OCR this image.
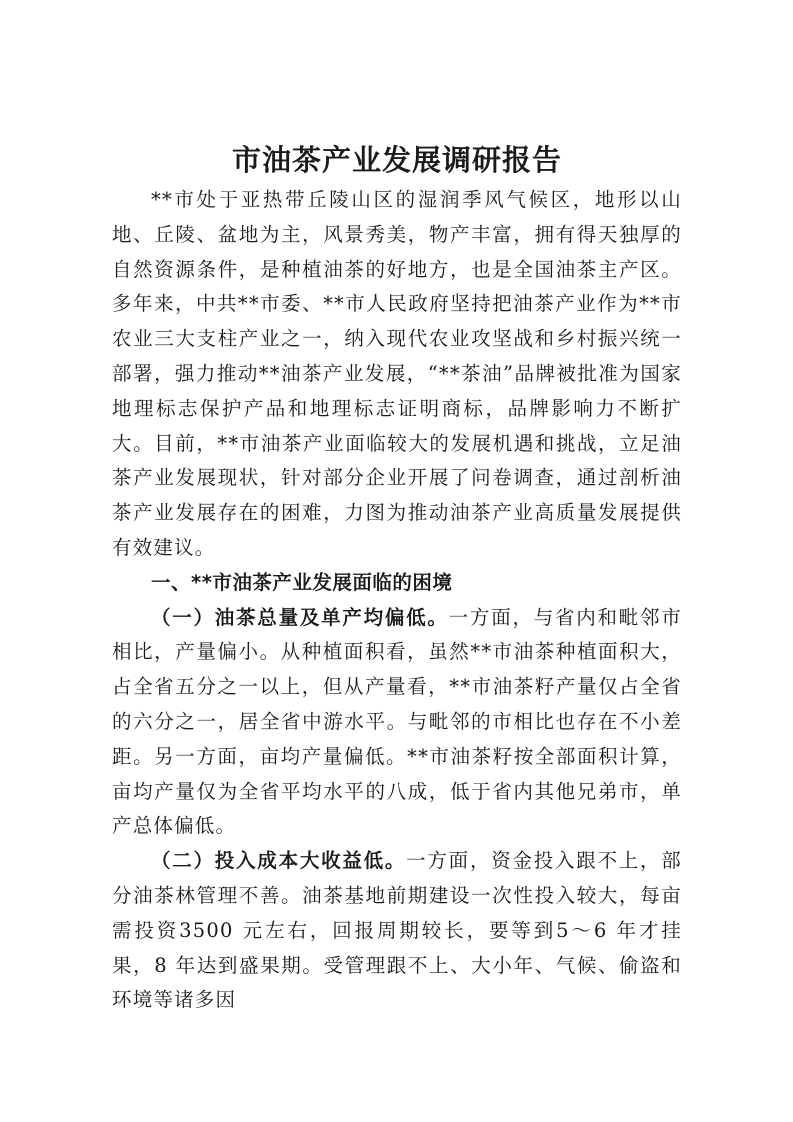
市油茶产业发展调研报告

**市处于亚热带丘陵山区的湿润季风气候区，地形以山地、丘陵、盆地为主，风景秀美，物产丰富，拥有得天独厚的自然资源条件，是种植油茶的好地方，也是全国油茶主产区。多年来，中共**市委、**市人民政府坚持把油茶产业作为**市农业三大支柱产业之一，纳入现代农业攻坚战和乡村振兴统一部署，强力推动**油茶产业发展，“**茶油”品牌被批准为国家地理标志保护产品和地理标志证明商标，品牌影响力不断扩大。目前，**市油茶产业面临较大的发展机遇和挑战，立足油茶产业发展现状，针对部分企业开展了问卷调查，通过剖析油茶产业发展存在的困难，力图为推动油茶产业高质量发展提供有效建议。

一、**市油茶产业发展面临的困境

（一）油茶总量及单产均偏低。一方面，与省内和毗邻市相比，产量偏小。从种植面积看，虽然**市油茶种植面积大，占全省五分之一以上，但从产量看，**市油茶籽产量仅占全省的六分之一，居全省中游水平。与毗邻的市相比也存在不小差距。另一方面，亩均产量偏低。**市油茶籽按全部面积计算，亩均产量仅为全省平均水平的八成，低于省内其他兄弟市，单产总体偏低。

（二）投入成本大收益低。一方面，资金投入跟不上，部分油茶林管理不善。油茶基地前期建设一次性投入较大，每亩需投资3500 元左右，回报周期较长，要等到5～6 年才挂果，8 年达到盛果期。受管理跟不上、大小年、气候、偷盗和环境等诸多因
